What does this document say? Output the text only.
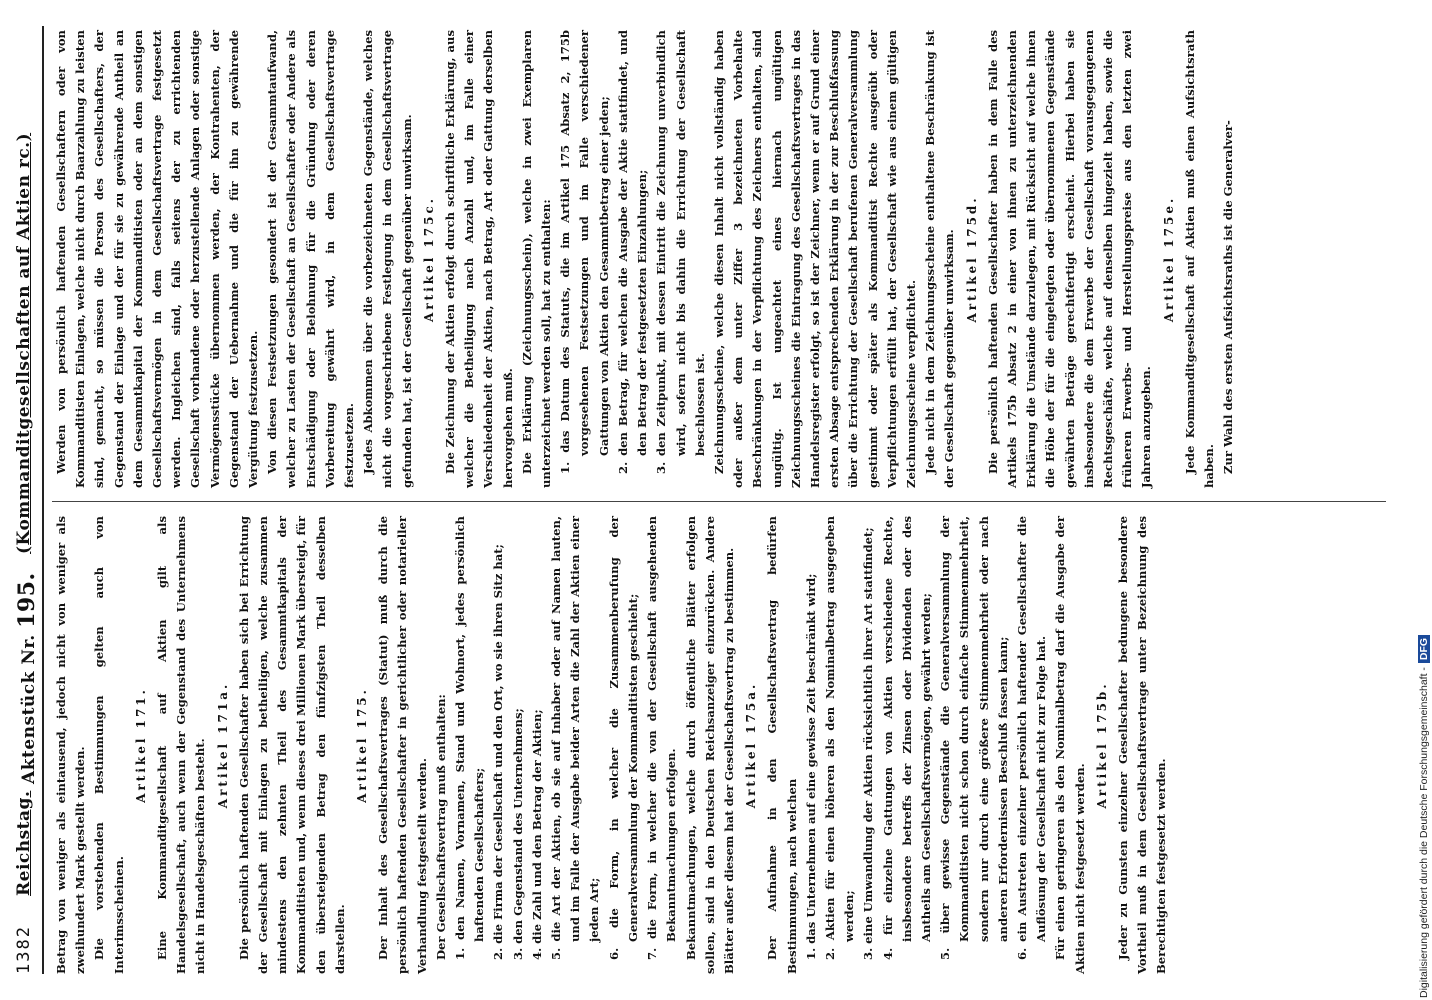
1382
Reichstag.
Aktenstück Nr. 195.
(Kommanditgesellschaften auf Aktien rc.)

Betrag von weniger als eintausend, jedoch nicht von weniger als zweihundert Mark gestellt werden. Die vorstehenden Bestimmungen gelten auch von Interimsscheinen.

Artikel 171. Eine Kommanditgesellschaft auf Aktien gilt als Handelsgesellschaft, auch wenn der Gegenstand des Unternehmens nicht in Handelsgeschäften besteht. Artikel 171a. Die persönlich haftenden Gesellschafter haben sich bei Errichtung der Gesellschaft mit Einlagen zu betheiligen, welche zusammen mindestens den zehnten Theil des Gesammtkapitals der Kommanditisten und, wenn dieses drei Millionen Mark übersteigt, für den übersteigenden Betrag den fünfzigsten Theil desselben darstellen.

Artikel 175. Der Inhalt des Gesellschaftsvertrages (Statut) muß durch die persönlich haftenden Gesellschafter in gerichtlicher oder notarieller Verhandlung festgestellt werden. Der Gesellschaftsvertrag muß enthalten: 1. den Namen, Vornamen, Stand und Wohnort, jedes persönlich haftenden Gesellschafters; 2. die Firma der Gesellschaft und den Ort, wo sie ihren Sitz hat; 3. den Gegenstand des Unternehmens; 4. die Zahl und den Betrag der Aktien; 5. die Art der Aktien, ob sie auf Inhaber oder auf Namen lauten, und im Falle der Ausgabe beider Arten die Zahl der Aktien einer jeden Art; 6. die Form, in welcher die Zusammenberufung der Generalversammlung der Kommanditisten geschieht; 7. die Form, in welcher die von der Gesellschaft ausgehenden Bekanntmachungen erfolgen. Bekanntmachungen, welche durch öffentliche Blätter erfolgen sollen, sind in den Deutschen Reichsanzeiger einzurücken. Andere Blätter außer diesem hat der Gesellschaftsvertrag zu bestimmen. Artikel 175a. Der Aufnahme in den Gesellschaftsvertrag bedürfen Bestimmungen, nach welchen 1. das Unternehmen auf eine gewisse Zeit beschränkt wird; 2. Aktien für einen höheren als den Nominalbetrag ausgegeben werden; 3. eine Umwandlung der Aktien rücksichtlich ihrer Art stattfindet; 4. für einzelne Gattungen von Aktien verschiedene Rechte, insbesondere betreffs der Zinsen oder Dividenden oder des Antheils am Gesellschaftsvermögen, gewährt werden; 5. über gewisse Gegenstände die Generalversammlung der Kommanditisten nicht schon durch einfache Stimmenmehrheit, sondern nur durch eine größere Stimmenmehrheit oder nach anderen Erfordernissen Beschluß fassen kann; 6. ein Austreten einzelner persönlich haftender Gesellschafter die Auflösung der Gesellschaft nicht zur Folge hat. Für einen geringeren als den Nominalbetrag darf die Ausgabe der Aktien nicht festgesetzt werden.

Artikel 175b. Jeder zu Gunsten einzelner Gesellschafter bedungene besondere Vortheil muß in dem Gesellschaftsvertrage unter Bezeichnung des Berechtigten festgesetzt werden.

Werden von persönlich haftenden Gesellschaftern oder von Kommanditisten Einlagen, welche nicht durch Baarzahlung zu leisten sind, gemacht, so müssen die Person des Gesellschafters, der Gegenstand der Einlage und der für sie zu gewährende Antheil an dem Gesammtkapital der Kommanditisten oder an dem sonstigen Gesellschaftsvermögen in dem Gesellschaftsvertrage festgesetzt werden. Ingleichen sind, falls seitens der zu errichtenden Gesellschaft vorhandene oder herzustellende Anlagen oder sonstige Vermögensstücke übernommen werden, der Kontrahenten, der Gegenstand der Uebernahme und die für ihn zu gewährende Vergütung festzusetzen. Von diesen Festsetzungen gesondert ist der Gesammtaufwand, welcher zu Lasten der Gesellschaft an Gesellschafter oder Andere als Entschädigung oder Belohnung für die Gründung oder deren Vorbereitung gewährt wird, in dem Gesellschaftsvertrage festzusetzen. Jedes Abkommen über die vorbezeichneten Gegenstände, welches nicht die vorgeschriebene Festlegung in dem Gesellschaftsvertrage gefunden hat, ist der Gesellschaft gegenüber unwirksam. Artikel 175c. Die Zeichnung der Aktien erfolgt durch schriftliche Erklärung, aus welcher die Betheiligung nach Anzahl und, im Falle einer Verschiedenheit der Aktien, nach Betrag, Art oder Gattung derselben hervorgehen muß. Die Erklärung (Zeichnungsschein), welche in zwei Exemplaren unterzeichnet werden soll, hat zu enthalten: 1. das Datum des Statuts, die im Artikel 175 Absatz 2, 175b vorgesehenen Festsetzungen und im Falle verschiedener Gattungen von Aktien den Gesammtbetrag einer jeden; 2. den Betrag, für welchen die Ausgabe der Aktie stattfindet, und den Betrag der festgesetzten Einzahlungen; 3. den Zeitpunkt, mit dessen Eintritt die Zeichnung unverbindlich wird, sofern nicht bis dahin die Errichtung der Gesellschaft beschlossen ist. Zeichnungsscheine, welche diesen Inhalt nicht vollständig haben oder außer dem unter Ziffer 3 bezeichneten Vorbehalte Beschränkungen in der Verpflichtung des Zeichners enthalten, sind ungültig. Ist ungeachtet eines hiernach ungültigen Zeichnungsscheines die Eintragung des Gesellschaftsvertrages in das Handelsregister erfolgt, so ist der Zeichner, wenn er auf Grund einer ersten Absage entsprechenden Erklärung in der zur Beschlußfassung über die Errichtung der Gesellschaft berufenen Generalversammlung gestimmt oder später als Kommanditist Rechte ausgeübt oder Verpflichtungen erfüllt hat, der Gesellschaft wie aus einem gültigen Zeichnungsscheine verpflichtet. Jede nicht in dem Zeichnungsscheine enthaltene Beschränkung ist der Gesellschaft gegenüber unwirksam. Artikel 175d. Die persönlich haftenden Gesellschafter haben in dem Falle des Artikels 175b Absatz 2 in einer von ihnen zu unterzeichnenden Erklärung die Umstände darzulegen, mit Rücksicht auf welche ihnen die Höhe der für die eingelegten oder übernommenen Gegenstände gewährten Beträge gerechtfertigt erscheint. Hierbei haben sie insbesondere die dem Erwerbe der Gesellschaft vorausgegangenen Rechtsgeschäfte, welche auf denselben hingezielt haben, sowie die früheren Erwerbs- und Herstellungspreise aus den letzten zwei Jahren anzugeben.

Artikel 175e. Jede Kommanditgesellschaft auf Aktien muß einen Aufsichtsrath haben. Zur Wahl des ersten Aufsichtsraths ist die Generalver-

Digitalisierung gefördert durch die Deutsche Forschungsgemeinschaft -DFG
